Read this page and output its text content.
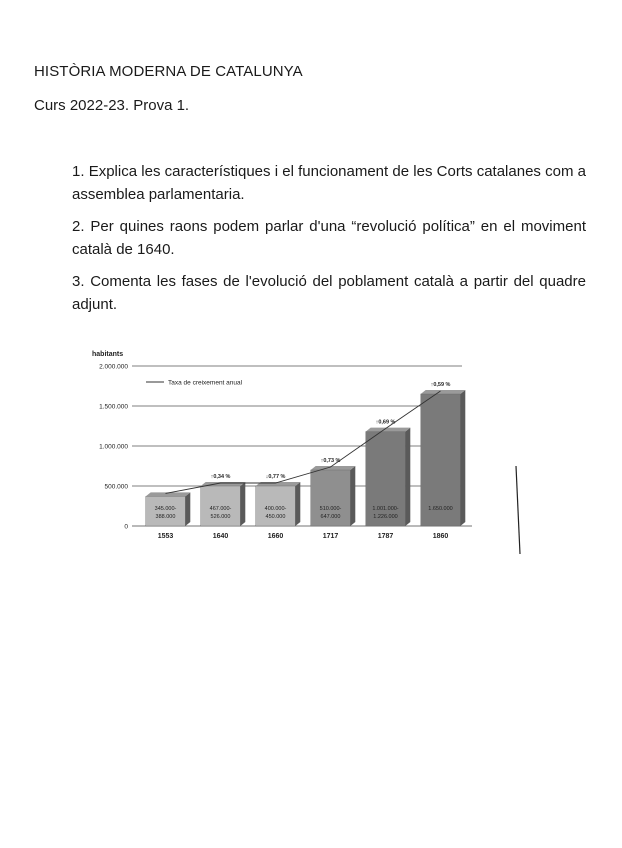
HISTÒRIA MODERNA DE CATALUNYA
Curs 2022-23. Prova 1.
1. Explica les característiques i el funcionament de les Corts catalanes com a assemblea parlamentaria.
2. Per quines raons podem parlar d'una “revolució política” en el moviment català de 1640.
3. Comenta les fases de l'evolució del poblament català a partir del quadre adjunt.
habitants
0
500.000
1.000.000
1.500.000
2.000.000
345.000-
388.000
1553
467.000-
526.000
1640
400.000-
450.000
1660
510.000-
647.000
1717
1.001.000-
1.226.000
1787
1.650.000
1860
↑0,34 %	↓0,77 %
↑0,73 %
↑0,69 %
↑0,59 %
Taxa de creixement anual
